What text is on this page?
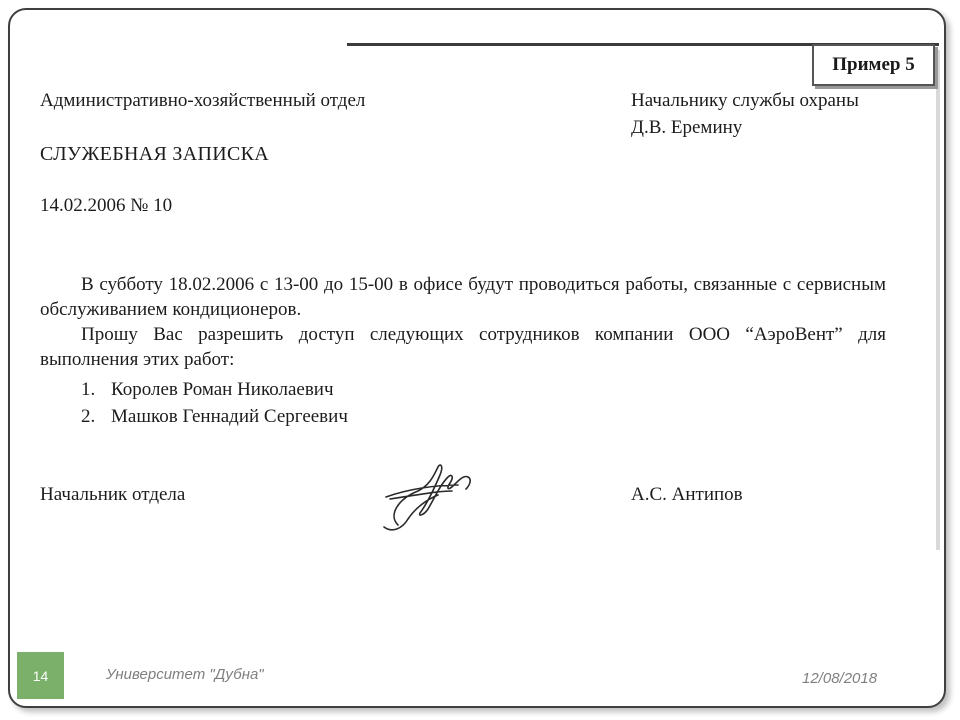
Пример 5
Административно-хозяйственный отдел	Начальнику службы охраны
Д.В. Еремину
СЛУЖЕБНАЯ ЗАПИСКА
14.02.2006 № 10

В субботу 18.02.2006 с 13-00 до 15-00 в офисе будут проводиться работы, связанные с сервисным обслуживанием кондиционеров.

Прошу Вас разрешить доступ следующих сотрудников компании ООО “АэроВент” для выполнения этих работ:

1. Королев Роман Николаевич
2. Машков Геннадий Сергеевич
Начальник отдела	А.С. Антипов
14	Университет "Дубна"	12/08/2018
